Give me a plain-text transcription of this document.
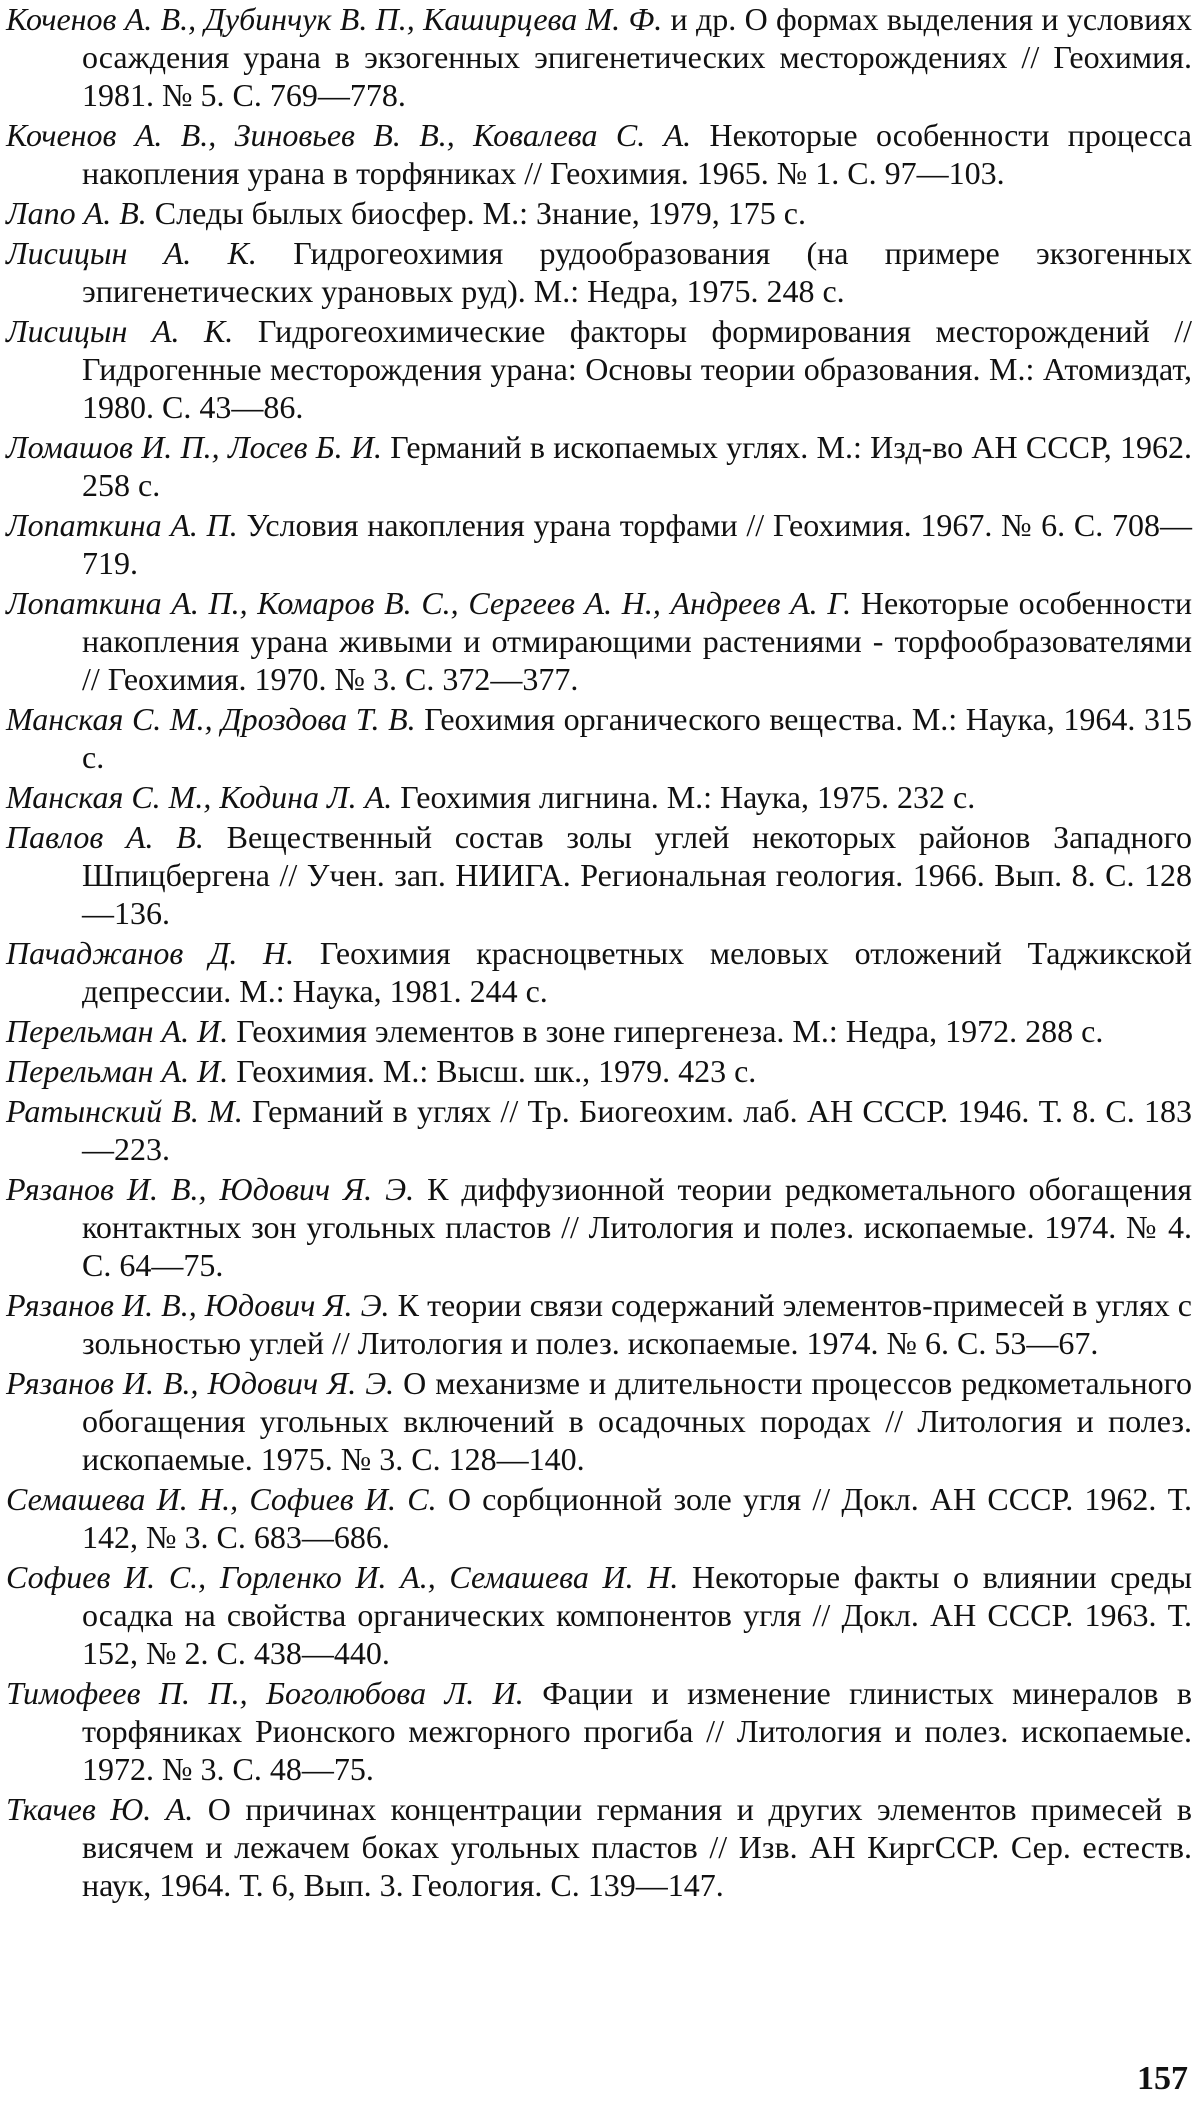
Коченов А. В., Дубинчук В. П., Каширцева М. Ф. и др. О формах выделения и условиях осаждения урана в экзогенных эпигенетических месторождениях // Геохимия. 1981. № 5. С. 769—778.
Коченов А. В., Зиновьев В. В., Ковалева С. А. Некоторые особенности процесса накопления урана в торфяниках // Геохимия. 1965. № 1. С. 97—103.
Лапо А. В. Следы былых биосфер. М.: Знание, 1979, 175 с.
Лисицын А. К. Гидрогеохимия рудообразования (на примере экзогенных эпигенетических урановых руд). М.: Недра, 1975. 248 с.
Лисицын А. К. Гидрогеохимические факторы формирования месторождений // Гидрогенные месторождения урана: Основы теории образования. М.: Атомиздат, 1980. С. 43—86.
Ломашов И. П., Лосев Б. И. Германий в ископаемых углях. М.: Изд-во АН СССР, 1962. 258 с.
Лопаткина А. П. Условия накопления урана торфами // Геохимия. 1967. № 6. С. 708—719.
Лопаткина А. П., Комаров В. С., Сергеев А. Н., Андреев А. Г. Некоторые особенности накопления урана живыми и отмирающими растениями - торфообразователями // Геохимия. 1970. № 3. С. 372—377.
Манская С. М., Дроздова Т. В. Геохимия органического вещества. М.: Наука, 1964. 315 с.
Манская С. М., Кодина Л. А. Геохимия лигнина. М.: Наука, 1975. 232 с.
Павлов А. В. Вещественный состав золы углей некоторых районов Западного Шпицбергена // Учен. зап. НИИГА. Региональная геология. 1966. Вып. 8. С. 128—136.
Пачаджанов Д. Н. Геохимия красноцветных меловых отложений Таджикской депрессии. М.: Наука, 1981. 244 с.
Перельман А. И. Геохимия элементов в зоне гипергенеза. М.: Недра, 1972. 288 с.
Перельман А. И. Геохимия. М.: Высш. шк., 1979. 423 с.
Ратынский В. М. Германий в углях // Тр. Биогеохим. лаб. АН СССР. 1946. Т. 8. С. 183—223.
Рязанов И. В., Юдович Я. Э. К диффузионной теории редкометального обогащения контактных зон угольных пластов // Литология и полез. ископаемые. 1974. № 4. С. 64—75.
Рязанов И. В., Юдович Я. Э. К теории связи содержаний элементов-примесей в углях с зольностью углей // Литология и полез. ископаемые. 1974. № 6. С. 53—67.
Рязанов И. В., Юдович Я. Э. О механизме и длительности процессов редкометального обогащения угольных включений в осадочных породах // Литология и полез. ископаемые. 1975. № 3. С. 128—140.
Семашева И. Н., Софиев И. С. О сорбционной золе угля // Докл. АН СССР. 1962. Т. 142, № 3. С. 683—686.
Софиев И. С., Горленко И. А., Семашева И. Н. Некоторые факты о влиянии среды осадка на свойства органических компонентов угля // Докл. АН СССР. 1963. Т. 152, № 2. С. 438—440.
Тимофеев П. П., Боголюбова Л. И. Фации и изменение глинистых минералов в торфяниках Рионского межгорного прогиба // Литология и полез. ископаемые. 1972. № 3. С. 48—75.
Ткачев Ю. А. О причинах концентрации германия и других элементов примесей в висячем и лежачем боках угольных пластов // Изв. АН КиргССР. Сер. естеств. наук, 1964. Т. 6, Вып. 3. Геология. С. 139—147.
157
